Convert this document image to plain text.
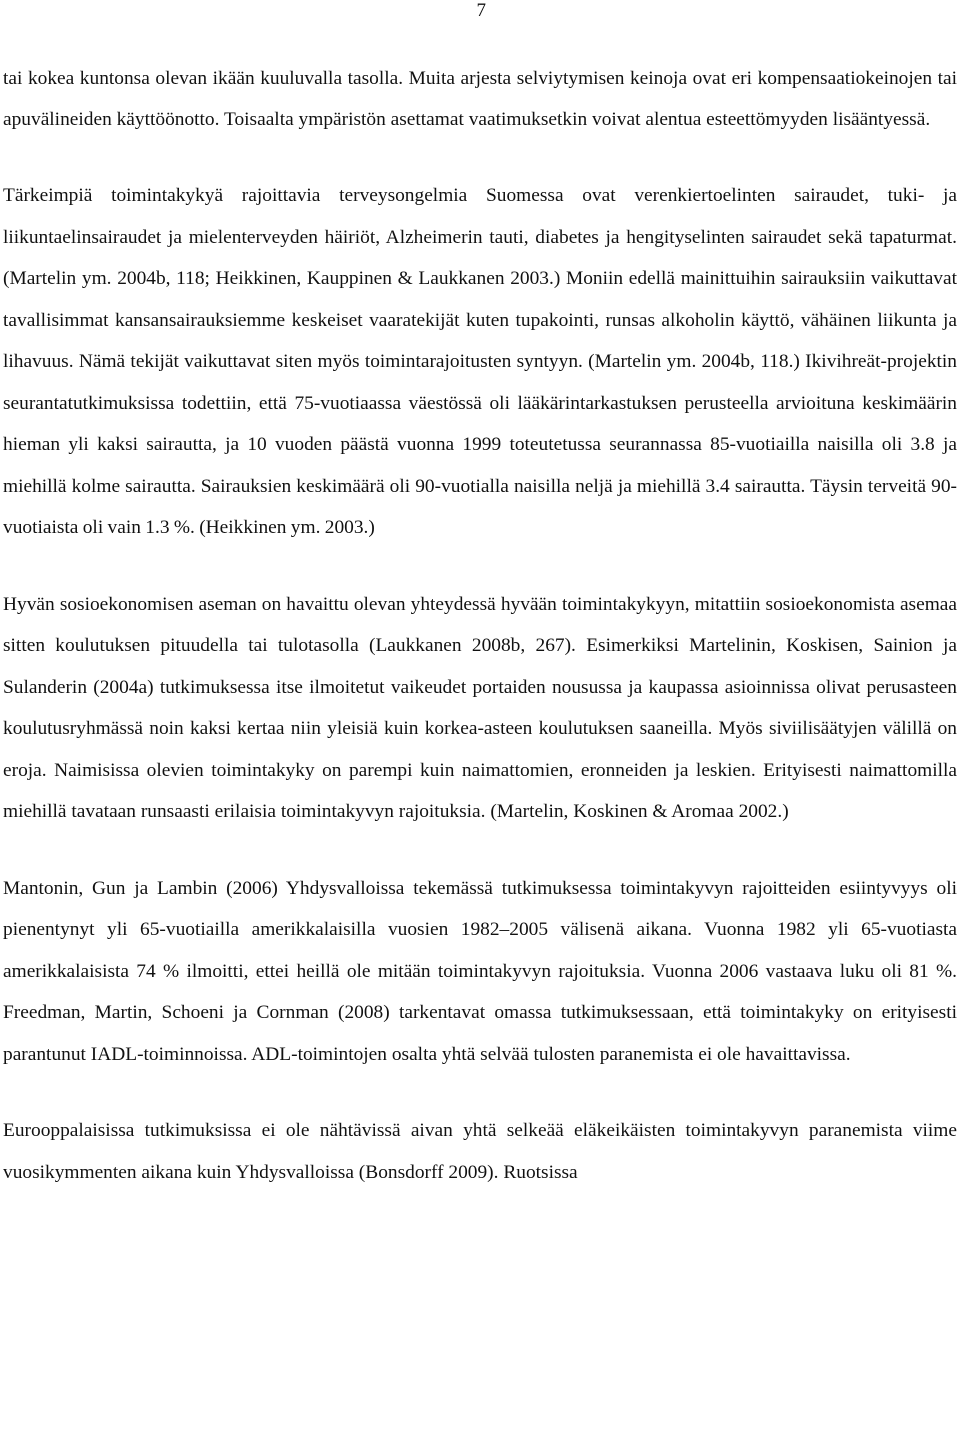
7

tai kokea kuntonsa olevan ikään kuuluvalla tasolla. Muita arjesta selviytymisen keinoja ovat eri kompensaatiokeinojen tai apuvälineiden käyttöönotto. Toisaalta ympäristön asettamat vaatimuksetkin voivat alentua esteettömyyden lisääntyessä.

Tärkeimpiä toimintakykyä rajoittavia terveysongelmia Suomessa ovat verenkiertoelinten sairaudet, tuki- ja liikuntaelinsairaudet ja mielenterveyden häiriöt, Alzheimerin tauti, diabetes ja hengityselinten sairaudet sekä tapaturmat. (Martelin ym. 2004b, 118; Heikkinen, Kauppinen & Laukkanen 2003.) Moniin edellä mainittuihin sairauksiin vaikuttavat tavallisimmat kansansairauksiemme keskeiset vaaratekijät kuten tupakointi, runsas alkoholin käyttö, vähäinen liikunta ja lihavuus. Nämä tekijät vaikuttavat siten myös toimintarajoitusten syntyyn. (Martelin ym. 2004b, 118.) Ikivihreät-projektin seurantatutkimuksissa todettiin, että 75-vuotiaassa väestössä oli lääkärintarkastuksen perusteella arvioituna keskimäärin hieman yli kaksi sairautta, ja 10 vuoden päästä vuonna 1999 toteutetussa seurannassa 85-vuotiailla naisilla oli 3.8 ja miehillä kolme sairautta. Sairauksien keskimäärä oli 90-vuotialla naisilla neljä ja miehillä 3.4 sairautta. Täysin terveitä 90-vuotiaista oli vain 1.3 %. (Heikkinen ym. 2003.)

Hyvän sosioekonomisen aseman on havaittu olevan yhteydessä hyvään toimintakykyyn, mitattiin sosioekonomista asemaa sitten koulutuksen pituudella tai tulotasolla (Laukkanen 2008b, 267). Esimerkiksi Martelinin, Koskisen, Sainion ja Sulanderin (2004a) tutkimuksessa itse ilmoitetut vaikeudet portaiden nousussa ja kaupassa asioinnissa olivat perusasteen koulutusryhmässä noin kaksi kertaa niin yleisiä kuin korkea-asteen koulutuksen saaneilla. Myös siviilisäätyjen välillä on eroja. Naimisissa olevien toimintakyky on parempi kuin naimattomien, eronneiden ja leskien. Erityisesti naimattomilla miehillä tavataan runsaasti erilaisia toimintakyvyn rajoituksia. (Martelin, Koskinen & Aromaa 2002.)

Mantonin, Gun ja Lambin (2006) Yhdysvalloissa tekemässä tutkimuksessa toimintakyvyn rajoitteiden esiintyvyys oli pienentynyt yli 65-vuotiailla amerikkalaisilla vuosien 1982–2005 välisenä aikana. Vuonna 1982 yli 65-vuotiasta amerikkalaisista 74 % ilmoitti, ettei heillä ole mitään toimintakyvyn rajoituksia. Vuonna 2006 vastaava luku oli 81 %. Freedman, Martin, Schoeni ja Cornman (2008) tarkentavat omassa tutkimuksessaan, että toimintakyky on erityisesti parantunut IADL-toiminnoissa. ADL-toimintojen osalta yhtä selvää tulosten paranemista ei ole havaittavissa.

Eurooppalaisissa tutkimuksissa ei ole nähtävissä aivan yhtä selkeää eläkeikäisten toimintakyvyn paranemista viime vuosikymmenten aikana kuin Yhdysvalloissa (Bonsdorff 2009). Ruotsissa
